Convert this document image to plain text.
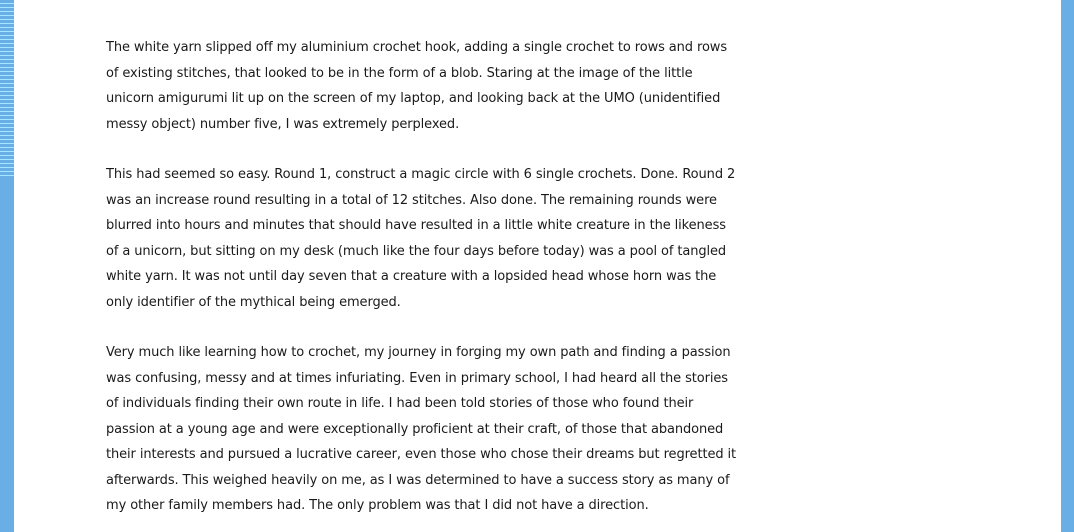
The white yarn slipped off my aluminium crochet hook, adding a single crochet to rows and rows of existing stitches, that looked to be in the form of a blob. Staring at the image of the little unicorn amigurumi lit up on the screen of my laptop, and looking back at the UMO (unidentified messy object) number five, I was extremely perplexed.

This had seemed so easy. Round 1, construct a magic circle with 6 single crochets. Done. Round 2 was an increase round resulting in a total of 12 stitches. Also done. The remaining rounds were blurred into hours and minutes that should have resulted in a little white creature in the likeness of a unicorn, but sitting on my desk (much like the four days before today) was a pool of tangled white yarn. It was not until day seven that a creature with a lopsided head whose horn was the only identifier of the mythical being emerged.

Very much like learning how to crochet, my journey in forging my own path and finding a passion was confusing, messy and at times infuriating. Even in primary school, I had heard all the stories of individuals finding their own route in life. I had been told stories of those who found their passion at a young age and were exceptionally proficient at their craft, of those that abandoned their interests and pursued a lucrative career, even those who chose their dreams but regretted it afterwards. This weighed heavily on me, as I was determined to have a success story as many of my other family members had. The only problem was that I did not have a direction.
